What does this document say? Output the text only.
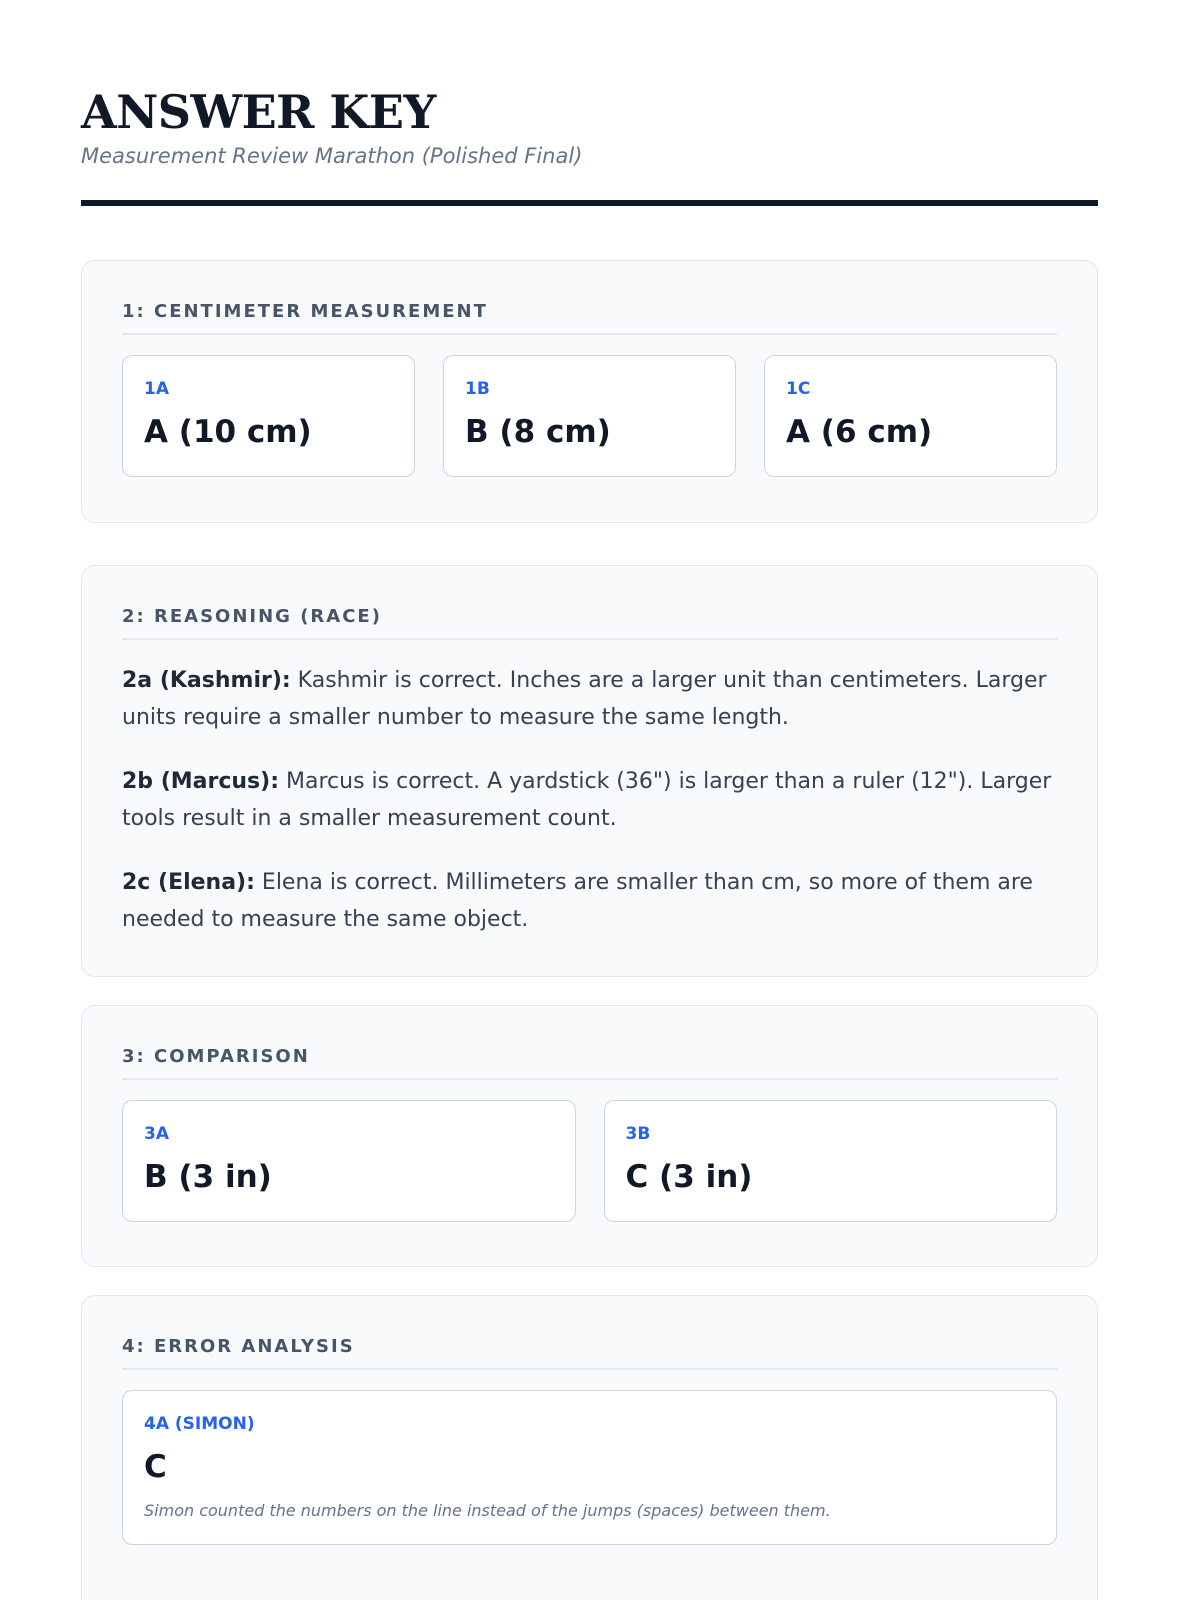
ANSWER KEY
Measurement Review Marathon (Polished Final)
1: CENTIMETER MEASUREMENT
1A
A (10 cm)
1B
B (8 cm)
1C
A (6 cm)
2: REASONING (RACE)

2a (Kashmir): Kashmir is correct. Inches are a larger unit than centimeters. Larger units require a smaller number to measure the same length.

2b (Marcus): Marcus is correct. A yardstick (36") is larger than a ruler (12"). Larger tools result in a smaller measurement count.

2c (Elena): Elena is correct. Millimeters are smaller than cm, so more of them are needed to measure the same object.

3: COMPARISON
3A
B (3 in)
3B
C (3 in)
4: ERROR ANALYSIS
4A (SIMON)
C
Simon counted the numbers on the line instead of the jumps (spaces) between them.
